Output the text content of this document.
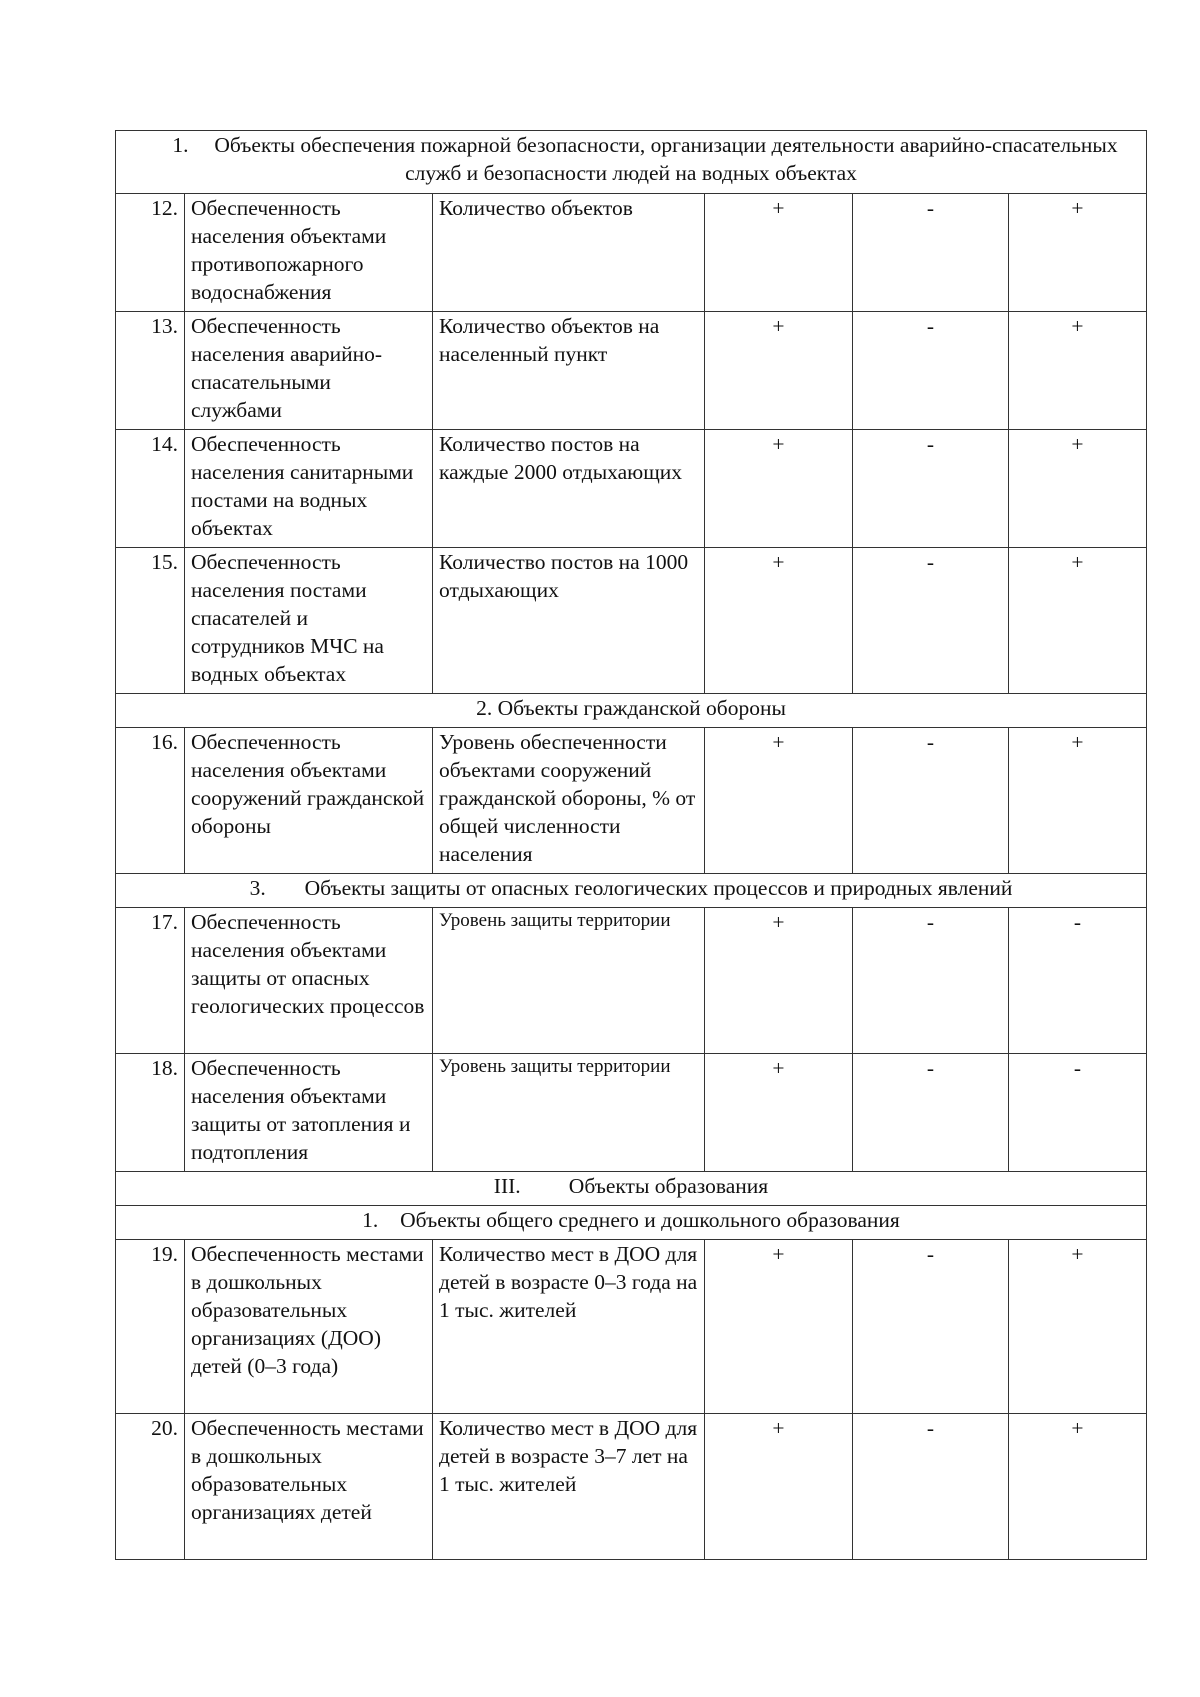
1. Объекты обеспечения пожарной безопасности, организации деятельности аварийно-спасательных служб и безопасности людей на водных объектах					
12.	Обеспеченность населения объектами противопожарного водоснабжения	Количество объектов	+	-	+
13.	Обеспеченность населения аварийно-спасательными службами	Количество объектов на населенный пункт	+	-	+
14.	Обеспеченность населения санитарными постами на водных объектах	Количество постов на каждые 2000 отдыхающих	+	-	+
15.	Обеспеченность населения постами спасателей и сотрудников МЧС на водных объектах	Количество постов на 1000 отдыхающих	+	-	+
2. Объекты гражданской обороны					
16.	Обеспеченность населения объектами сооружений гражданской обороны	Уровень обеспеченности объектами сооружений гражданской обороны, % от общей численности населения	+	-	+
3. Объекты защиты от опасных геологических процессов и природных явлений					
17.	Обеспеченность населения объектами защиты от опасных геологических процессов	Уровень защиты территории	+	-	-
18.	Обеспеченность населения объектами защиты от затопления и подтопления	Уровень защиты территории	+	-	-
III. Объекты образования					
1. Объекты общего среднего и дошкольного образования					
19.	Обеспеченность местами в дошкольных образовательных организациях (ДОО) детей (0–3 года)	Количество мест в ДОО для детей в возрасте 0–3 года на 1 тыс. жителей	+	-	+
20.	Обеспеченность местами в дошкольных образовательных организациях детей	Количество мест в ДОО для детей в возрасте 3–7 лет на 1 тыс. жителей	+	-	+
